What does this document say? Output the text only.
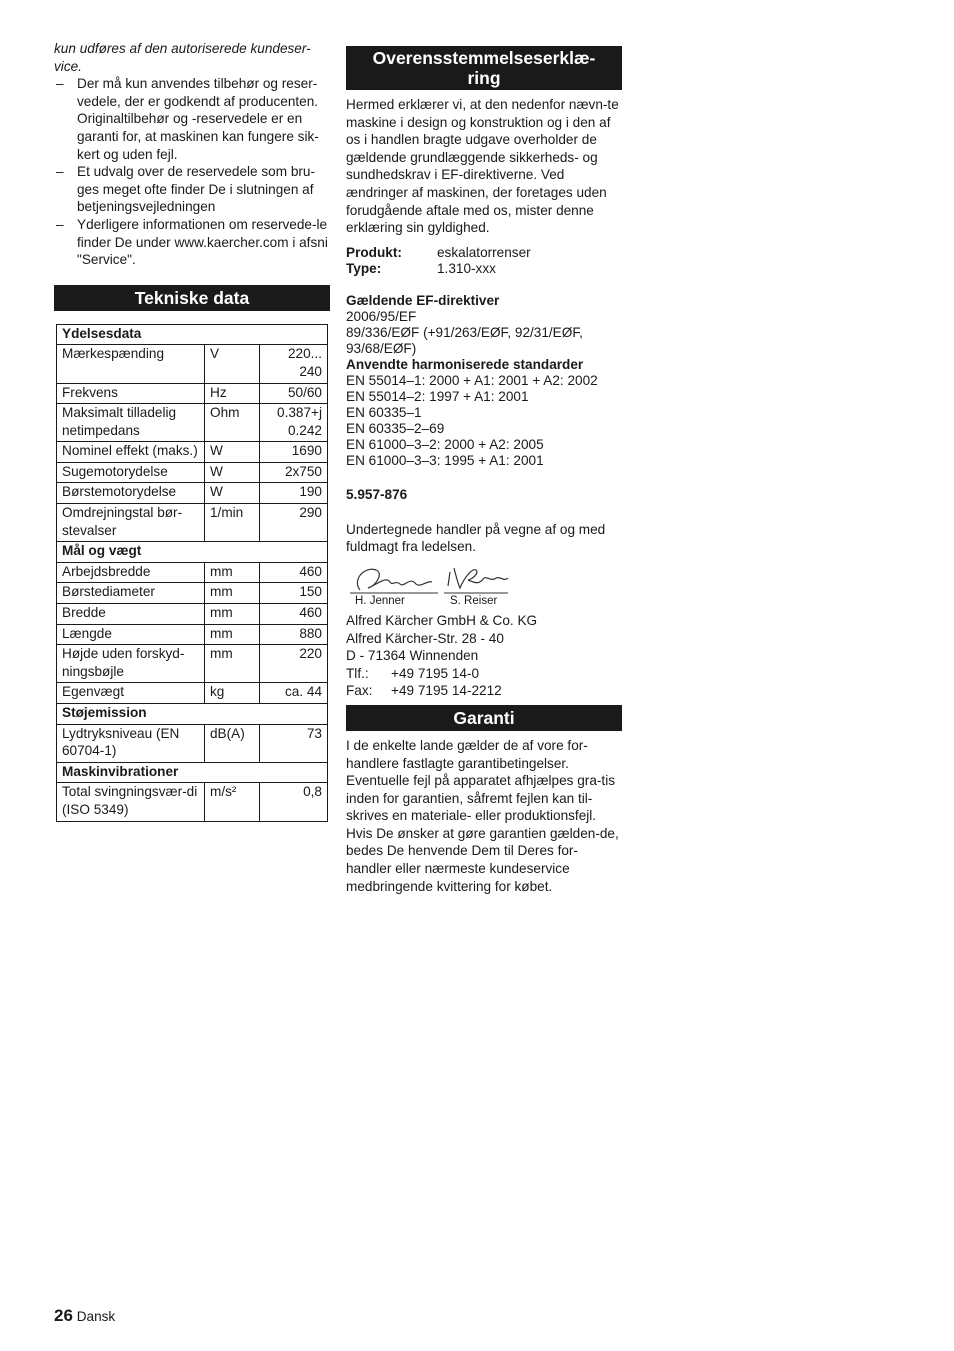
kun udføres af den autoriserede kundeser-vice.

– Der må kun anvendes tilbehør og reser-vedele, der er godkendt af producenten. Originaltilbehør og -reservedele er en garanti for, at maskinen kan fungere sik-kert og uden fejl.
– Et udvalg over de reservedele som bru-ges meget ofte finder De i slutningen af betjeningsvejledningen
– Yderligere informationen om reservede-le finder De under www.kaercher.com i afsni "Service".
Tekniske data
Ydelsesdata		
Mærkespænding	V	220...
240
Frekvens	Hz	50/60
Maksimalt tilladelig netimpedans	Ohm	0.387+j
0.242
Nominel effekt (maks.)	W	1690
Sugemotorydelse	W	2x750
Børstemotorydelse	W	190
Omdrejningstal bør-stevalser	1/min	290
Mål og vægt		
Arbejdsbredde	mm	460
Børstediameter	mm	150
Bredde	mm	460
Længde	mm	880
Højde uden forskyd-ningsbøjle	mm	220
Egenvægt	kg	ca. 44
Støjemission		
Lydtryksniveau (EN 60704-1)	dB(A)	73
Maskinvibrationer		
Total svingningsvær-di (ISO 5349)	m/s²	0,8
Overensstemmelseserklæ-
ring

Hermed erklærer vi, at den nedenfor nævn-te maskine i design og konstruktion og i den af os i handlen bragte udgave overholder de gældende grundlæggende sikkerheds- og sundhedskrav i EF-direktiverne. Ved ændringer af maskinen, der foretages uden forudgående aftale med os, mister denne erklæring sin gyldighed.

Produkt:	eskalatorrenser
Type:	1.310-xxx
Gældende EF-direktiver
2006/95/EF
89/336/EØF (+91/263/EØF, 92/31/EØF, 93/68/EØF)
Anvendte harmoniserede standarder
EN 55014–1: 2000 + A1: 2001 + A2: 2002
EN 55014–2: 1997 + A1: 2001
EN 60335–1
EN 60335–2–69
EN 61000–3–2: 2000 + A2: 2005
EN 61000–3–3: 1995 + A1: 2001
5.957-876

Undertegnede handler på vegne af og med fuldmagt fra ledelsen.

H. Jenner	S. Reiser
Alfred Kärcher GmbH & Co. KG
Alfred Kärcher-Str. 28 - 40
D - 71364 Winnenden
Tlf.: +49 7195 14-0
Fax: +49 7195 14-2212
Garanti

I de enkelte lande gælder de af vore for-handlere fastlagte garantibetingelser. Eventuelle fejl på apparatet afhjælpes gra-tis inden for garantien, såfremt fejlen kan til-skrives en materiale- eller produktionsfejl. Hvis De ønsker at gøre garantien gælden-de, bedes De henvende Dem til Deres for-handler eller nærmeste kundeservice medbringende kvittering for købet.

26 Dansk
